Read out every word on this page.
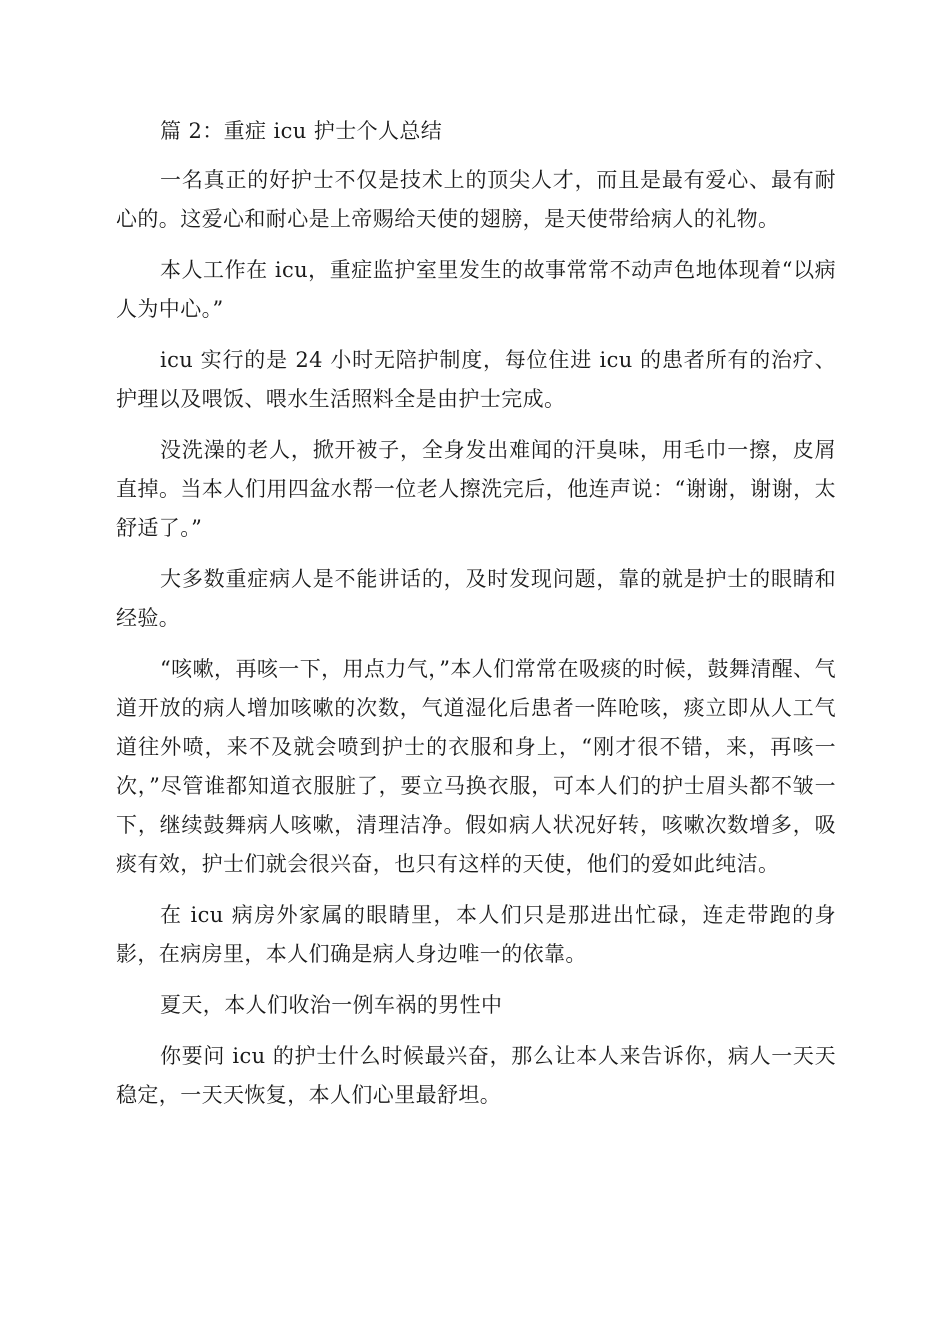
篇 2：重症 icu 护士个人总结

一名真正的好护士不仅是技术上的顶尖人才，而且是最有爱心、最有耐心的。这爱心和耐心是上帝赐给天使的翅膀，是天使带给病人的礼物。

本人工作在 icu，重症监护室里发生的故事常常不动声色地体现着“以病人为中心。”

icu 实行的是 24 小时无陪护制度，每位住进 icu 的患者所有的治疗、护理以及喂饭、喂水生活照料全是由护士完成。

没洗澡的老人，掀开被子，全身发出难闻的汗臭味，用毛巾一擦，皮屑直掉。当本人们用四盆水帮一位老人擦洗完后，他连声说：“谢谢，谢谢，太舒适了。”

大多数重症病人是不能讲话的，及时发现问题，靠的就是护士的眼睛和经验。

“咳嗽，再咳一下，用点力气，”本人们常常在吸痰的时候，鼓舞清醒、气道开放的病人增加咳嗽的次数，气道湿化后患者一阵呛咳，痰立即从人工气道往外喷，来不及就会喷到护士的衣服和身上，“刚才很不错，来，再咳一次，”尽管谁都知道衣服脏了，要立马换衣服，可本人们的护士眉头都不皱一下，继续鼓舞病人咳嗽，清理洁净。假如病人状况好转，咳嗽次数增多，吸痰有效，护士们就会很兴奋，也只有这样的天使，他们的爱如此纯洁。

在 icu 病房外家属的眼睛里，本人们只是那进出忙碌，连走带跑的身影，在病房里，本人们确是病人身边唯一的依靠。

夏天，本人们收治一例车祸的男性中

你要问 icu 的护士什么时候最兴奋，那么让本人来告诉你，病人一天天稳定，一天天恢复，本人们心里最舒坦。
